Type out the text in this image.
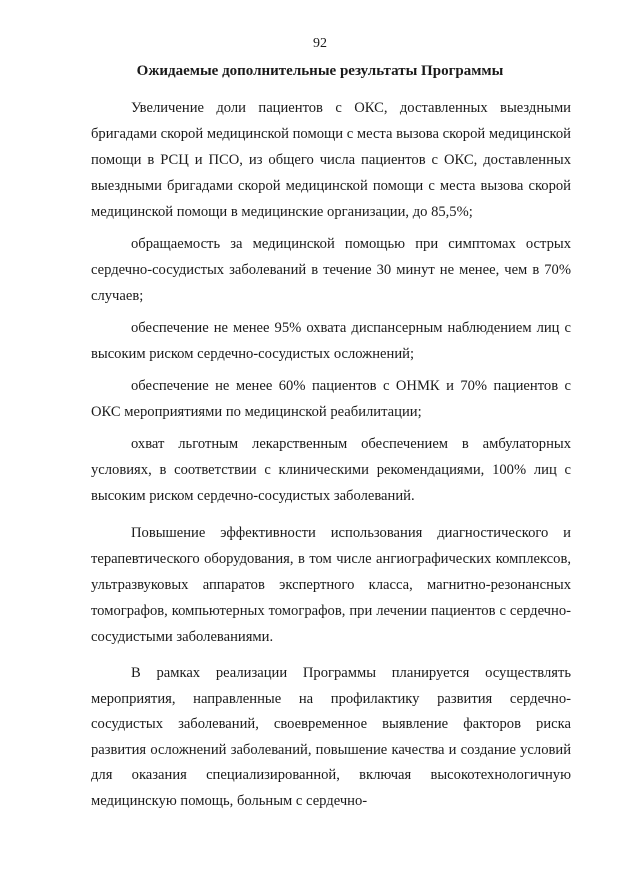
92
Ожидаемые дополнительные результаты Программы

Увеличение доли пациентов с ОКС, доставленных выездными бригадами скорой медицинской помощи с места вызова скорой медицинской помощи в РСЦ и ПСО, из общего числа пациентов с ОКС, доставленных выездными бригадами скорой медицинской помощи с места вызова скорой медицинской помощи в медицинские организации, до 85,5%;

обращаемость за медицинской помощью при симптомах острых сердечно-сосудистых заболеваний в течение 30 минут не менее, чем в 70% случаев;

обеспечение не менее 95% охвата диспансерным наблюдением лиц с высоким риском сердечно-сосудистых осложнений;

обеспечение не менее 60% пациентов с ОНМК и 70% пациентов с ОКС мероприятиями по медицинской реабилитации;

охват льготным лекарственным обеспечением в амбулаторных условиях, в соответствии с клиническими рекомендациями, 100% лиц с высоким риском сердечно-сосудистых заболеваний.

Повышение эффективности использования диагностического и терапевтического оборудования, в том числе ангиографических комплексов, ультразвуковых аппаратов экспертного класса, магнитно-резонансных томографов, компьютерных томографов, при лечении пациентов с сердечно-сосудистыми заболеваниями.

В рамках реализации Программы планируется осуществлять мероприятия, направленные на профилактику развития сердечно-сосудистых заболеваний, своевременное выявление факторов риска развития осложнений заболеваний, повышение качества и создание условий для оказания специализированной, включая высокотехнологичную медицинскую помощь, больным с сердечно-
